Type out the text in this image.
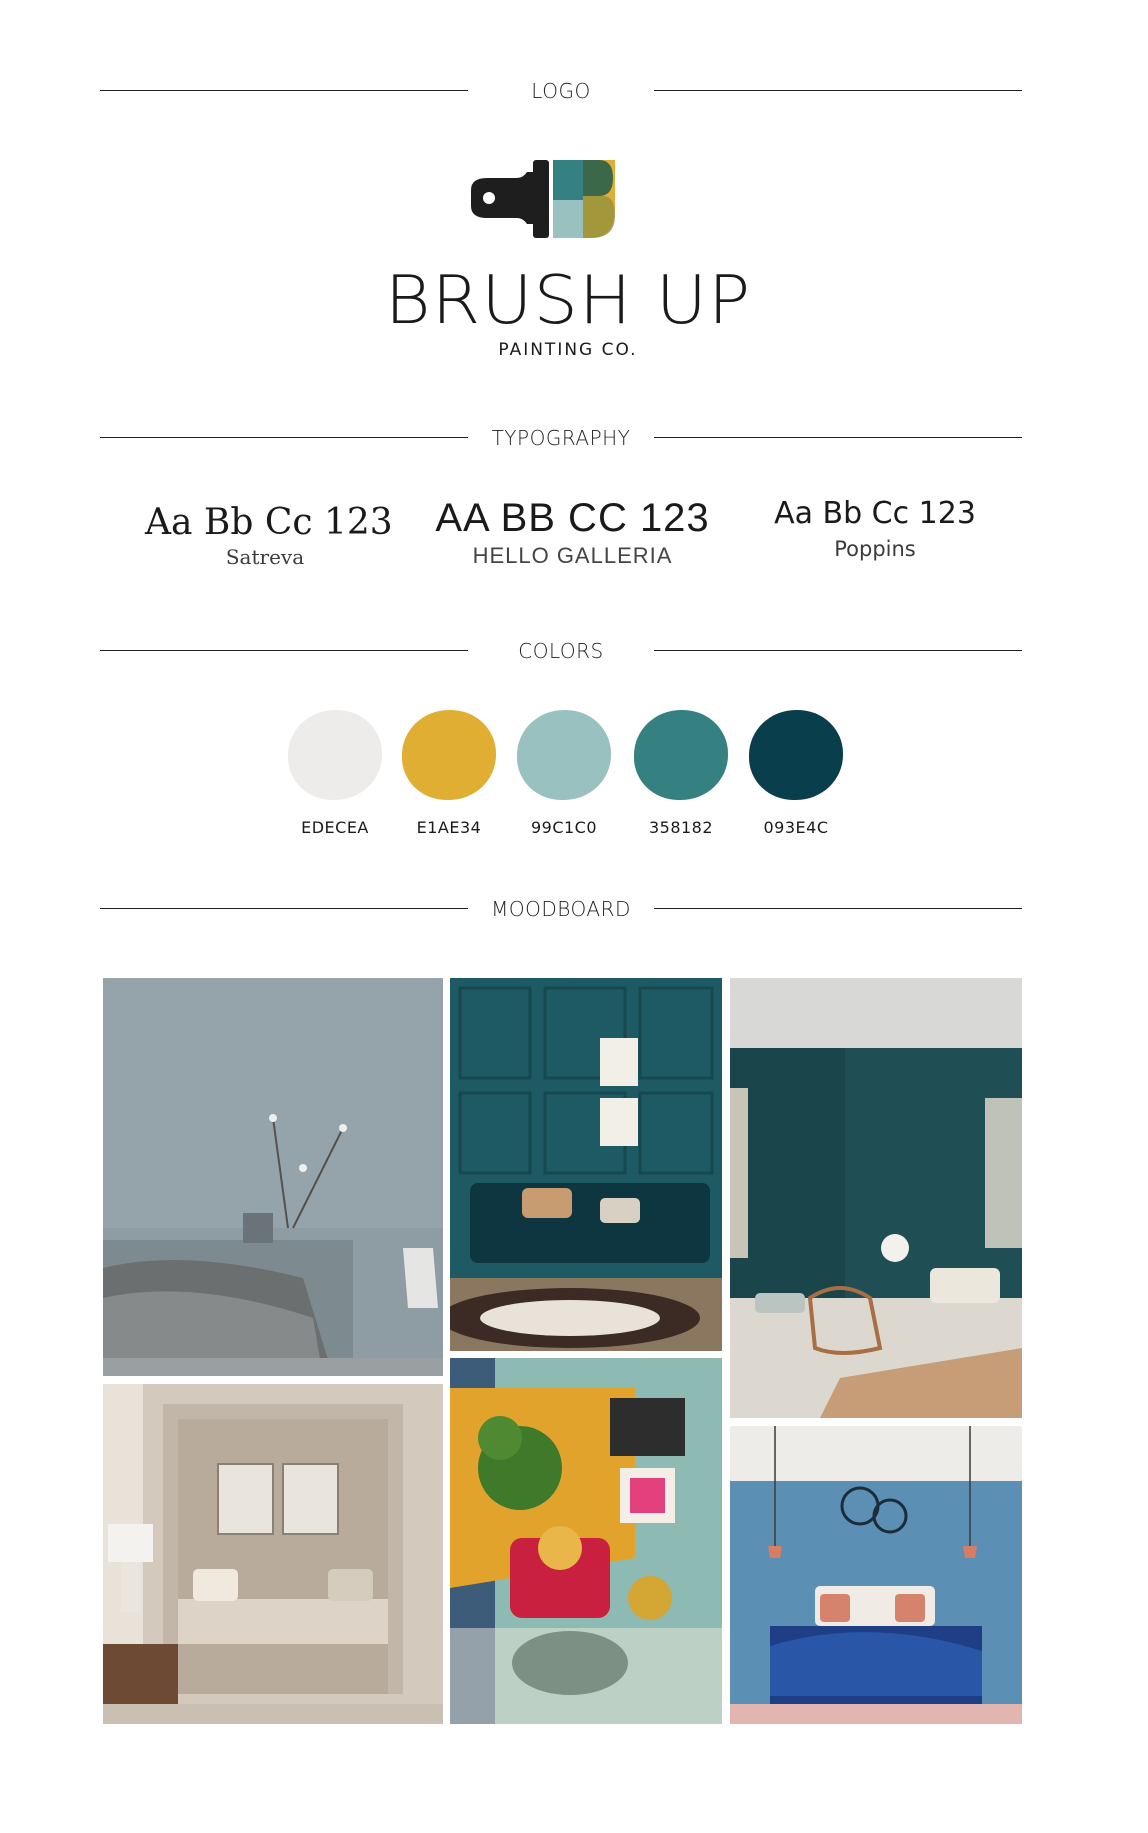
LOGO
BRUSH UP
PAINTING CO.
TYPOGRAPHY
Aa Bb Cc 123
Satreva
AA BB CC 123
HELLO GALLERIA
Aa Bb Cc 123
Poppins
COLORS
EDECEA	E1AE34	99C1C0	358182	093E4C
MOODBOARD
